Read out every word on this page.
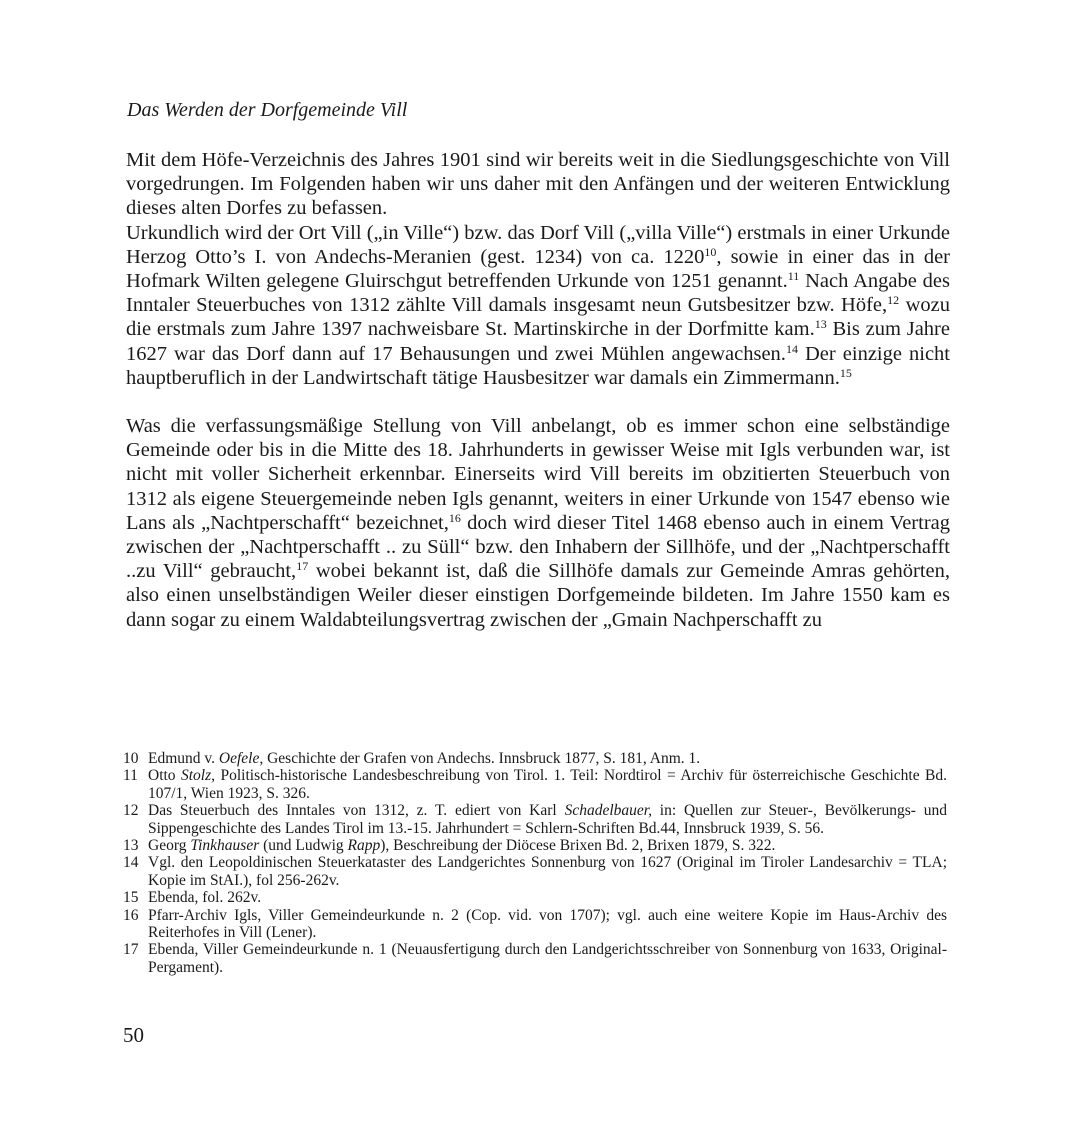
Das Werden der Dorfgemeinde Vill

Mit dem Höfe-Verzeichnis des Jahres 1901 sind wir bereits weit in die Siedlungsgeschichte von Vill vorgedrungen. Im Folgenden haben wir uns daher mit den Anfängen und der weiteren Entwicklung dieses alten Dorfes zu befassen.

Urkundlich wird der Ort Vill („in Ville“) bzw. das Dorf Vill („villa Ville“) erstmals in einer Urkunde Herzog Otto’s I. von Andechs-Meranien (gest. 1234) von ca. 1220$^{10}$, sowie in einer das in der Hofmark Wilten gelegene Gluirschgut betreffenden Urkunde von 1251 genannt.$^{11}$ Nach Angabe des Inntaler Steuerbuches von 1312 zählte Vill damals insgesamt neun Gutsbesitzer bzw. Höfe,$^{12}$ wozu die erstmals zum Jahre 1397 nachweisbare St. Martinskirche in der Dorfmitte kam.$^{13}$ Bis zum Jahre 1627 war das Dorf dann auf 17 Behausungen und zwei Mühlen angewachsen.$^{14}$ Der einzige nicht hauptberuflich in der Landwirtschaft tätige Hausbesitzer war damals ein Zimmermann.$^{15}$

Was die verfassungsmäßige Stellung von Vill anbelangt, ob es immer schon eine selbständige Gemeinde oder bis in die Mitte des 18. Jahrhunderts in gewisser Weise mit Igls verbunden war, ist nicht mit voller Sicherheit erkennbar. Einerseits wird Vill bereits im obzitierten Steuerbuch von 1312 als eigene Steuergemeinde neben Igls genannt, weiters in einer Urkunde von 1547 ebenso wie Lans als „Nachtperschafft“ bezeichnet,$^{16}$ doch wird dieser Titel 1468 ebenso auch in einem Vertrag zwischen der „Nachtperschafft .. zu Süll“ bzw. den Inhabern der Sillhöfe, und der „Nachtperschafft ..zu Vill“ gebraucht,$^{17}$ wobei bekannt ist, daß die Sillhöfe damals zur Gemeinde Amras gehörten, also einen unselbständigen Weiler dieser einstigen Dorfgemeinde bildeten. Im Jahre 1550 kam es dann sogar zu einem Waldabteilungsvertrag zwischen der „Gmain Nachperschafft zu

10 Edmund v. Oefele, Geschichte der Grafen von Andechs. Innsbruck 1877, S. 181, Anm. 1.

11 Otto Stolz, Politisch-historische Landesbeschreibung von Tirol. 1. Teil: Nordtirol = Archiv für österreichische Geschichte Bd. 107/1, Wien 1923, S. 326.

12 Das Steuerbuch des Inntales von 1312, z. T. ediert von Karl Schadelbauer, in: Quellen zur Steuer-, Bevölkerungs- und Sippengeschichte des Landes Tirol im 13.-15. Jahrhundert = Schlern-Schriften Bd.44, Innsbruck 1939, S. 56.

13 Georg Tinkhauser (und Ludwig Rapp), Beschreibung der Diöcese Brixen Bd. 2, Brixen 1879, S. 322.

14 Vgl. den Leopoldinischen Steuerkataster des Landgerichtes Sonnenburg von 1627 (Original im Tiroler Landesarchiv = TLA; Kopie im StAI.), fol 256-262v.

15 Ebenda, fol. 262v.

16 Pfarr-Archiv Igls, Viller Gemeindeurkunde n. 2 (Cop. vid. von 1707); vgl. auch eine weitere Kopie im Haus-Archiv des Reiterhofes in Vill (Lener).

17 Ebenda, Viller Gemeindeurkunde n. 1 (Neuausfertigung durch den Landgerichtsschreiber von Sonnenburg von 1633, Original-Pergament).

50
